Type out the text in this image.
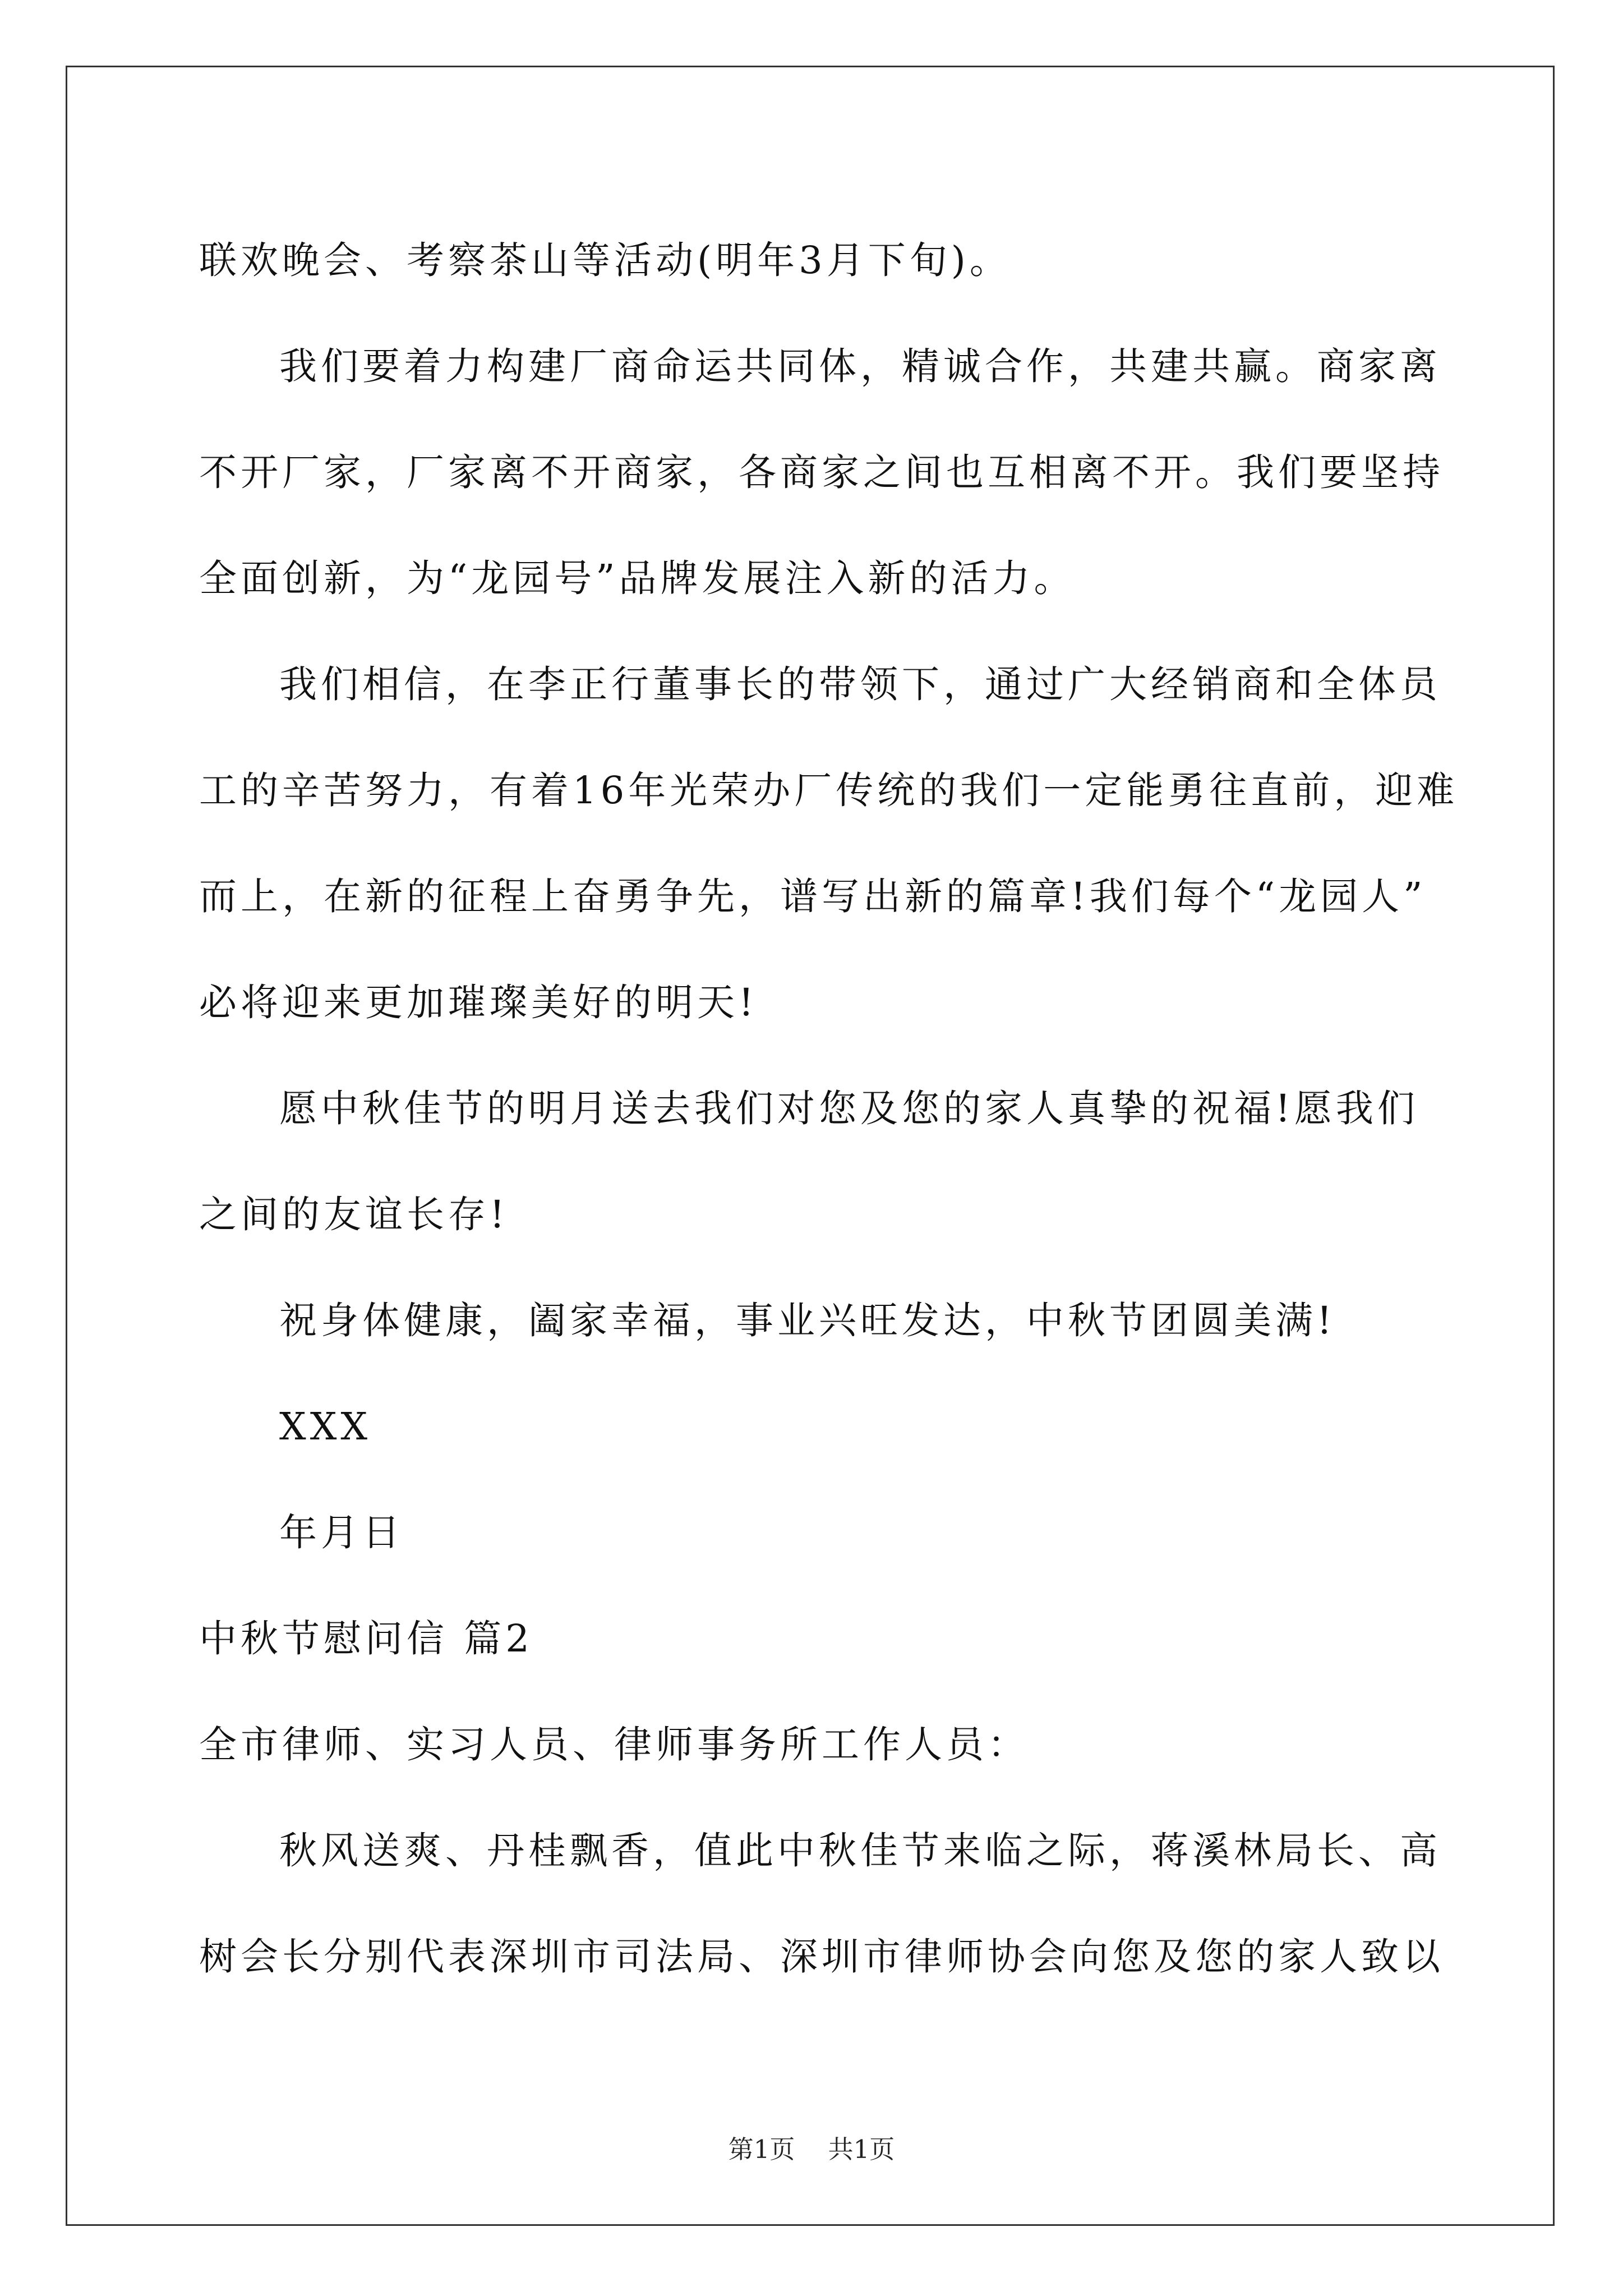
联欢晚会、考察茶山等活动(明年3月下旬)。
我们要着力构建厂商命运共同体，精诚合作，共建共赢。商家离
不开厂家，厂家离不开商家，各商家之间也互相离不开。我们要坚持
全面创新，为“龙园号”品牌发展注入新的活力。
我们相信，在李正行董事长的带领下，通过广大经销商和全体员
工的辛苦努力，有着16年光荣办厂传统的我们一定能勇往直前，迎难
而上，在新的征程上奋勇争先，谱写出新的篇章!我们每个“龙园人”
必将迎来更加璀璨美好的明天!
愿中秋佳节的明月送去我们对您及您的家人真挚的祝福!愿我们
之间的友谊长存!
祝身体健康，阖家幸福，事业兴旺发达，中秋节团圆美满!
XXX
年月日
中秋节慰问信 篇2
全市律师、实习人员、律师事务所工作人员：
秋风送爽、丹桂飘香，值此中秋佳节来临之际，蒋溪林局长、高
树会长分别代表深圳市司法局、深圳市律师协会向您及您的家人致以
第1页 共1页
